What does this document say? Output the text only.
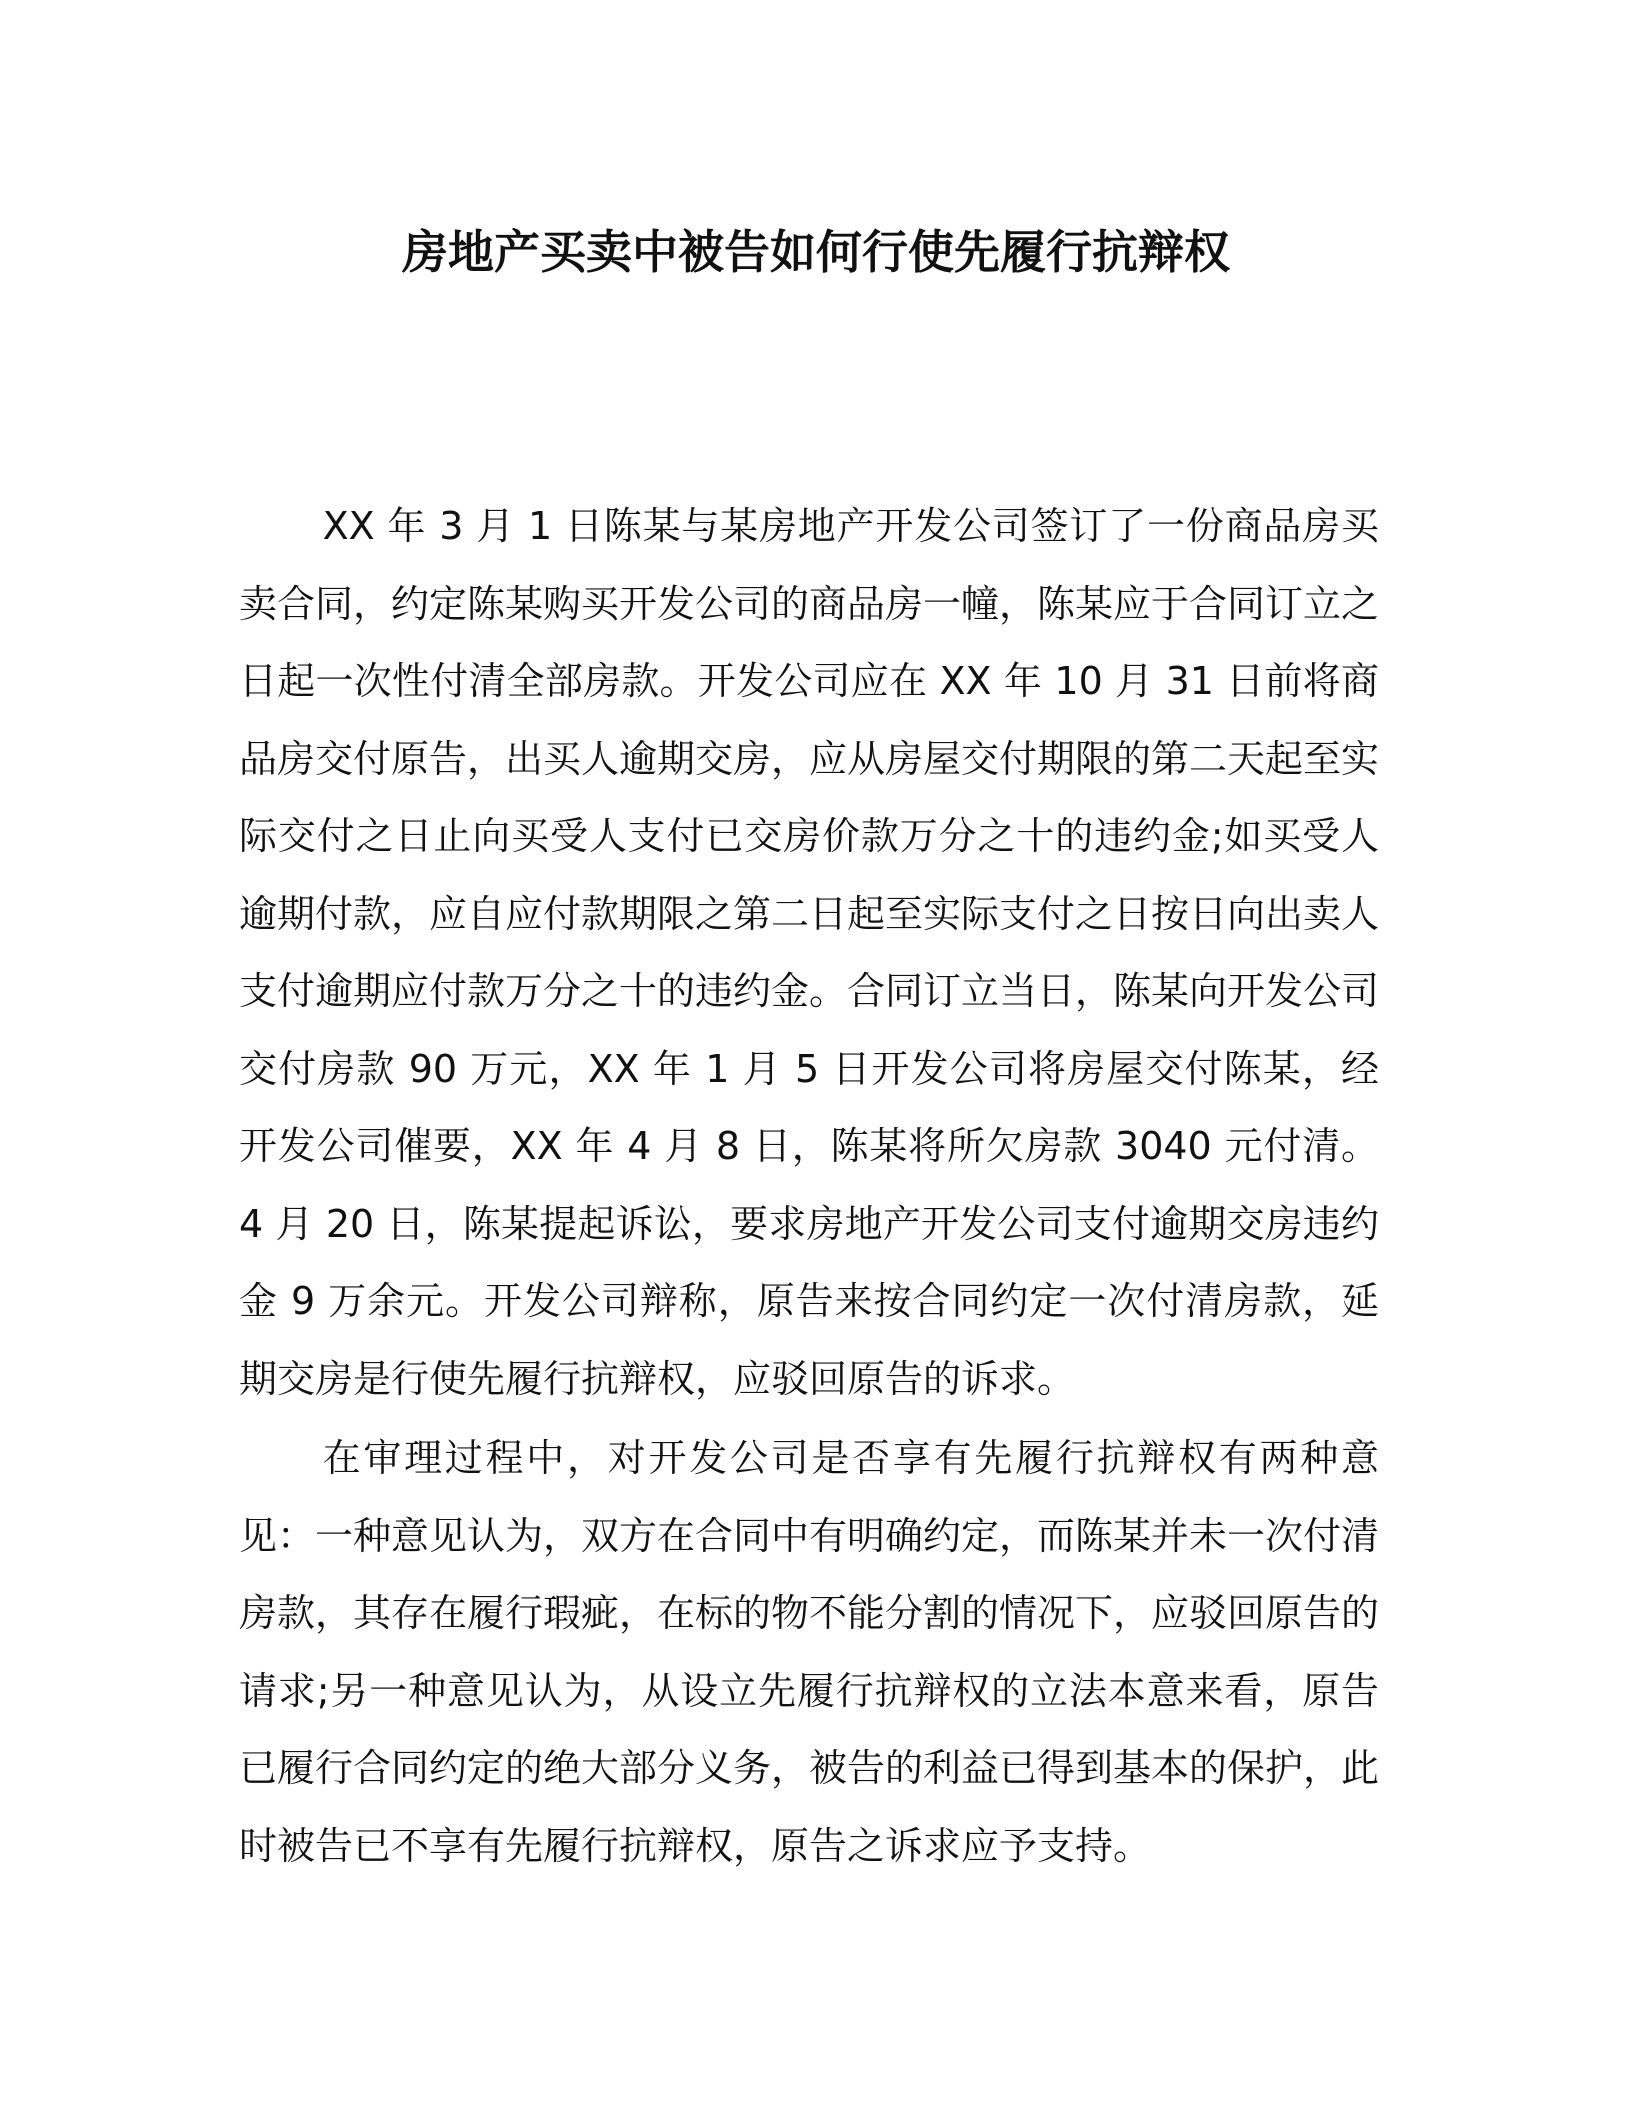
房地产买卖中被告如何行使先履行抗辩权

XX 年 3 月 1 日陈某与某房地产开发公司签订了一份商品房买卖合同，约定陈某购买开发公司的商品房一幢，陈某应于合同订立之日起一次性付清全部房款。开发公司应在 XX 年 10 月 31 日前将商品房交付原告，出买人逾期交房，应从房屋交付期限的第二天起至实际交付之日止向买受人支付已交房价款万分之十的违约金;如买受人逾期付款，应自应付款期限之第二日起至实际支付之日按日向出卖人支付逾期应付款万分之十的违约金。合同订立当日，陈某向开发公司交付房款 90 万元，XX 年 1 月 5 日开发公司将房屋交付陈某，经开发公司催要，XX 年 4 月 8 日，陈某将所欠房款 3040 元付清。4 月 20 日，陈某提起诉讼，要求房地产开发公司支付逾期交房违约金 9 万余元。开发公司辩称，原告来按合同约定一次付清房款，延期交房是行使先履行抗辩权，应驳回原告的诉求。

在审理过程中，对开发公司是否享有先履行抗辩权有两种意见：一种意见认为，双方在合同中有明确约定，而陈某并未一次付清房款，其存在履行瑕疵，在标的物不能分割的情况下，应驳回原告的请求;另一种意见认为，从设立先履行抗辩权的立法本意来看，原告已履行合同约定的绝大部分义务，被告的利益已得到基本的保护，此时被告已不享有先履行抗辩权，原告之诉求应予支持。
